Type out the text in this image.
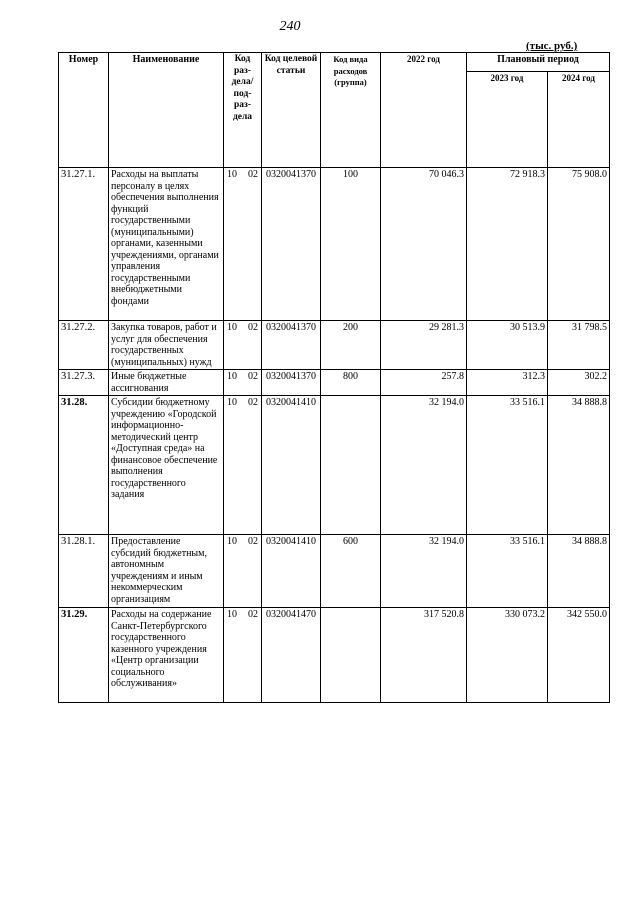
240
(тыс. руб.)
Номер	Наименование	Код раз-дела/ под-раз-дела	Код целевой статьи	Код вида расходов (группа)	2022 год	Плановый период	
						2023 год	2024 год
31.27.1.	Расходы на выплаты персоналу в целях обеспечения выполнения функций государственными (муниципальными) органами, казенными учреждениями, органами управления государственными внебюджетными фондами	10 02	0320041370	100	70 046.3	72 918.3	75 908.0
31.27.2.	Закупка товаров, работ и услуг для обеспечения государственных (муниципальных) нужд	10 02	0320041370	200	29 281.3	30 513.9	31 798.5
31.27.3.	Иные бюджетные ассигнования	10 02	0320041370	800	257.8	312.3	302.2
31.28.	Субсидии бюджетному учреждению «Городской информационно-методический центр «Доступная среда» на финансовое обеспечение выполнения государственного задания	10 02	0320041410		32 194.0	33 516.1	34 888.8
31.28.1.	Предоставление субсидий бюджетным, автономным учреждениям и иным некоммерческим организациям	10 02	0320041410	600	32 194.0	33 516.1	34 888.8
31.29.	Расходы на содержание Санкт-Петербургского государственного казенного учреждения «Центр организации социального обслуживания»	10 02	0320041470		317 520.8	330 073.2	342 550.0
